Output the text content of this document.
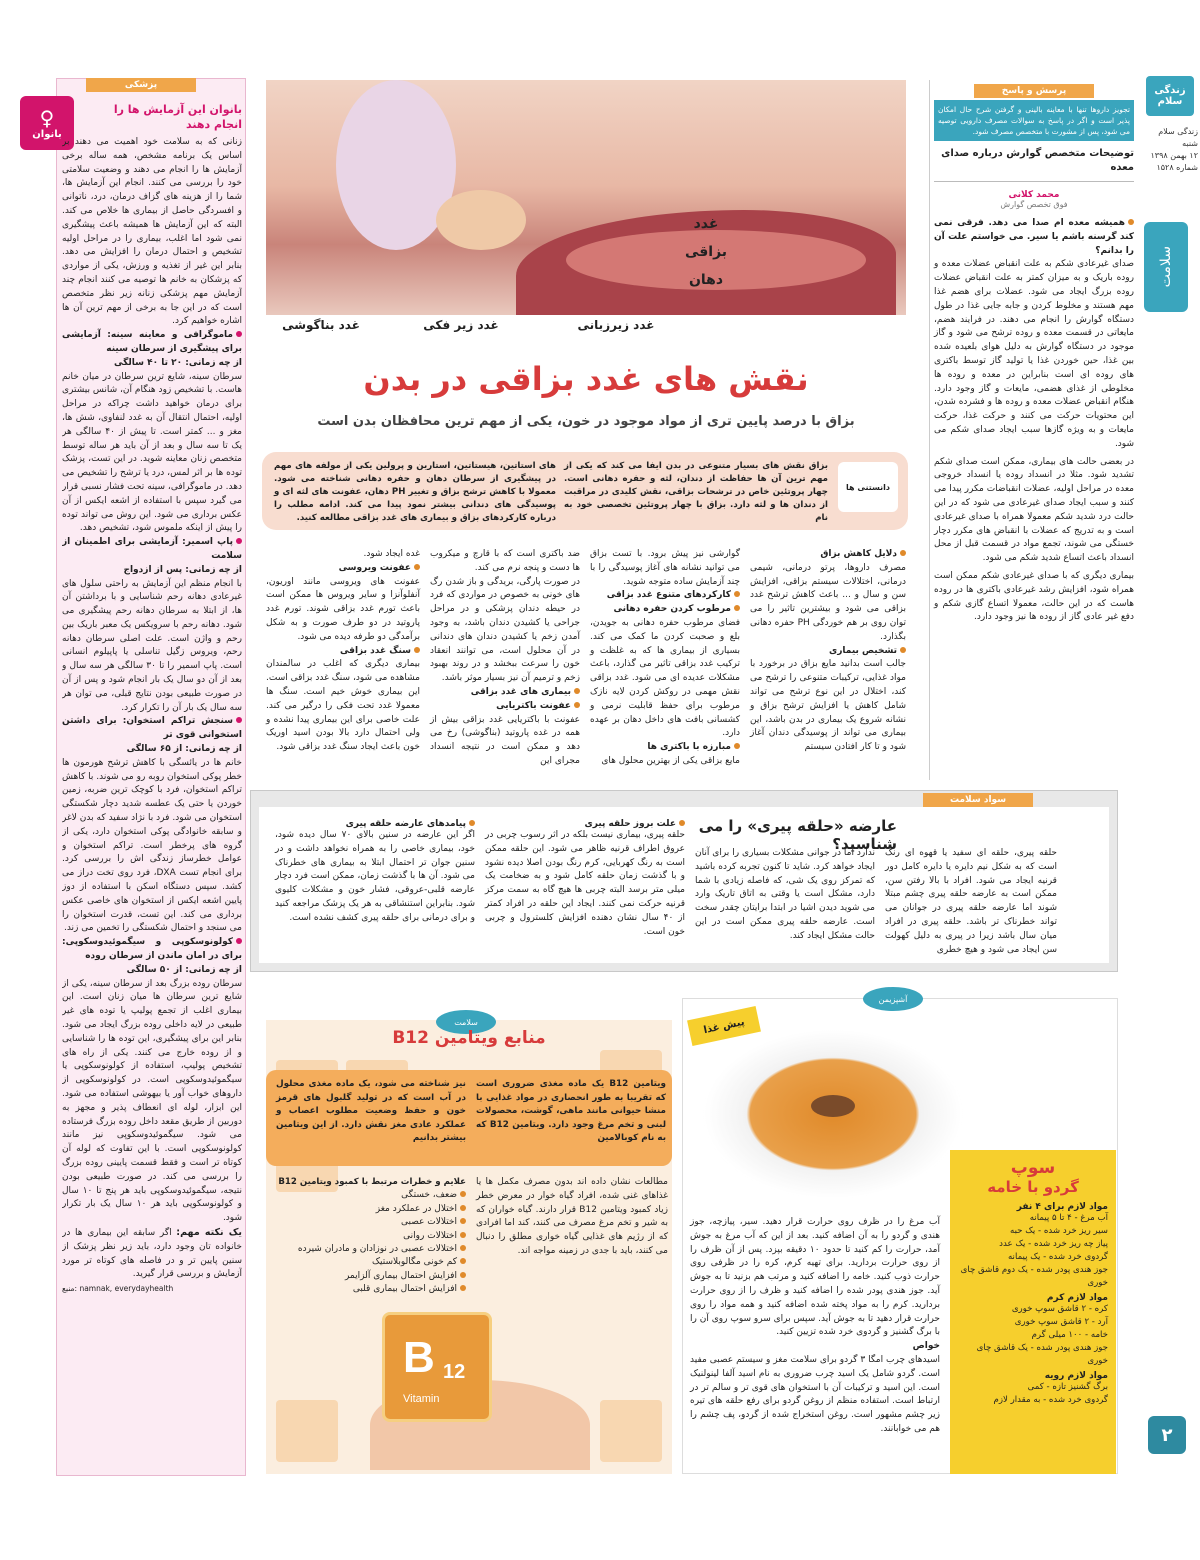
زندگی سلام
زندگی سلام
شنبه
۱۲ بهمن ۱۳۹۸
شماره ۱۵۲۸
سلامت
۲
پرسش و پاسخ
تجویز داروها تنها با معاینه بالینی و گرفتن شرح حال امکان پذیر است و اگر در پاسخ به سوالات مصرف دارویی توصیه می شود، پس از مشورت با متخصص مصرف شود.
توضیحات متخصص گوارش درباره صدای معده
محمد کلانی
فوق تخصص گوارش

همیشه معده ام صدا می دهد. فرقی نمی کند گرسنه باشم یا سیر. می خواستم علت آن را بدانم؟

صدای غیرعادی شکم به علت انقباض عضلات معده و روده باریک و به میزان کمتر به علت انقباض عضلات روده بزرگ ایجاد می شود. عضلات برای هضم غذا مهم هستند و مخلوط کردن و جابه جایی غذا در طول دستگاه گوارش را انجام می دهند. در فرایند هضم، مایعاتی در قسمت معده و روده ترشح می شود و گاز موجود در دستگاه گوارش به دلیل هوای بلعیده شده بین غذا، حین خوردن غذا یا تولید گاز توسط باکتری های روده ای است بنابراین در معده و روده ها مخلوطی از غذای هضمی، مایعات و گاز وجود دارد. هنگام انقباض عضلات معده و روده ها و فشرده شدن، این محتویات حرکت می کنند و حرکت غذا، حرکت مایعات و به ویژه گازها سبب ایجاد صدای شکم می شود.

در بعضی حالت های بیماری، ممکن است صدای شکم تشدید شود. مثلا در انسداد روده یا انسداد خروجی معده در مراحل اولیه، عضلات انقباضات مکرر پیدا می کنند و سبب ایجاد صدای غیرعادی می شود که در این حالت درد شدید شکم معمولا همراه با صدای غیرعادی است و به تدریج که عضلات با انقباض های مکرر دچار خستگی می شوند، تجمع مواد در قسمت قبل از محل انسداد باعث اتساع شدید شکم می شود.

بیماری دیگری که با صدای غیرعادی شکم ممکن است همراه شود، افزایش رشد غیرعادی باکتری ها در روده هاست که در این حالت، معمولا اتساع گازی شکم و دفع غیر عادی گاز از روده ها نیز وجود دارد.

غدد بزاقی دهان
غدد زیرزبانی
غدد زیر فکی
غدد بناگوشی
نقش های غدد بزاقی در بدن
بزاق با درصد پایین تری از مواد موجود در خون، یکی از مهم ترین محافظان بدن است
دانستنی ها

بزاق نقش های بسیار متنوعی در بدن ایفا می کند که یکی از مهم ترین آن ها حفاظت از دندان، لثه و حفره دهانی است. چهار پروتئین خاص در ترشحات بزاقی، نقش کلیدی در مراقبت از دندان ها و لثه دارد. بزاق با چهار پروتئین تخصصی خود به نام

های استاتین، هیستاتین، استارین و پرولین یکی از مولفه های مهم در پیشگیری از سرطان دهان و حفره دهانی شناخته می شود. معمولا با کاهش ترشح بزاق و تغییر PH دهان، عفونت های لثه ای و پوسیدگی های دندانی بیشتر نمود پیدا می کند. ادامه مطلب را درباره کارکردهای بزاق و بیماری های غدد بزاقی مطالعه کنید.

دلایل کاهش بزاق

مصرف داروها، پرتو درمانی، شیمی درمانی، اختلالات سیستم بزاقی، افزایش سن و سال و ... باعث کاهش ترشح غدد بزاقی می شود و بیشترین تاثیر را می توان روی بر هم خوردگی PH حفره دهانی بگذارد.

تشخیص بیماری

جالب است بدانید مایع بزاق در برخورد با مواد غذایی، ترکیبات متنوعی را ترشح می کند، اختلال در این نوع ترشح می تواند شامل کاهش یا افزایش ترشح بزاق و نشانه شروع یک بیماری در بدن باشد، این بیماری می تواند از پوسیدگی دندان آغاز شود و تا کار افتادن سیستم

گوارشی نیز پیش برود. با تست بزاق می توانید نشانه های آغاز پوسیدگی را با چند آزمایش ساده متوجه شوید.

کارکردهای متنوع غدد بزاقی

مرطوب کردن حفره دهانی

فضای مرطوب حفره دهانی به جویدن، بلع و صحبت کردن ما کمک می کند. بسیاری از بیماری ها که به غلظت و ترکیب غدد بزاقی تاثیر می گذارد، باعث مشکلات عدیده ای می شود. غدد بزاقی نقش مهمی در روکش کردن لایه نازک مرطوب برای حفظ قابلیت نرمی و کشسانی بافت های داخل دهان بر عهده دارد.

مبارزه با باکتری ها

مایع بزاقی یکی از بهترین محلول های

ضد باکتری است که با قارچ و میکروب ها دست و پنجه نرم می کند.

در صورت پارگی، بریدگی و باز شدن رگ های خونی به خصوص در مواردی که فرد در حیطه دندان پزشکی و در مراحل جراحی یا کشیدن دندان باشد، به وجود آمدن زخم یا کشیدن دندان های دندانی در آن محلول است، می توانند انعقاد خون را سرعت ببخشد و در روند بهبود زخم و ترمیم آن نیز بسیار موثر باشد.

بیماری های غدد بزاقی

عفونت باکتریایی

عفونت با باکتریایی غدد بزاقی بیش از همه در غده پاروتید (بناگوشی) رخ می دهد و ممکن است در نتیجه انسداد مجرای این

غده ایجاد شود.

عفونت ویروسی

عفونت های ویروسی مانند اوریون، آنفلوآنزا و سایر ویروس ها ممکن است باعث تورم غدد بزاقی شوند. تورم غدد پاروتید در دو طرف صورت و به شکل برآمدگی دو طرفه دیده می شود.

سنگ غدد بزاقی

بیماری دیگری که اغلب در سالمندان مشاهده می شود، سنگ غدد بزاقی است. این بیماری خوش خیم است. سنگ ها معمولا غدد تحت فکی را درگیر می کند. علت خاصی برای این بیماری پیدا نشده و ولی احتمال دارد بالا بودن اسید اوریک خون باعث ایجاد سنگ غدد بزاقی شود.

پزشکی
♀
بانوان
بانوان این آزمایش ها را انجام دهند

زنانی که به سلامت خود اهمیت می دهند بر اساس یک برنامه مشخص، همه ساله برخی آزمایش ها را انجام می دهند و وضعیت سلامتی خود را بررسی می کنند. انجام این آزمایش ها، شما را از هزینه های گزاف درمان، درد، ناتوانی و افسردگی حاصل از بیماری ها خلاص می کند. البته که این آزمایش ها همیشه باعث پیشگیری نمی شود اما اغلب، بیماری را در مراحل اولیه تشخیص و احتمال درمان را افزایش می دهد. بنابر این غیر از تغذیه و ورزش، یکی از مواردی که پزشکان به خانم ها توصیه می کنند انجام چند آزمایش مهم پزشکی زنانه زیر نظر متخصص است که در این جا به برخی از مهم ترین آن ها اشاره خواهیم کرد.

ماموگرافی و معاینه سینه: آزمایشی برای پیشگیری از سرطان سینه

از چه زمانی: ۲۰ تا ۴۰ سالگی

سرطان سینه، شایع ترین سرطان در میان خانم هاست. با تشخیص زود هنگام آن، شانس بیشتری برای درمان خواهید داشت چراکه در مراحل اولیه، احتمال انتقال آن به غدد لنفاوی، شش ها، مغز و ... کمتر است. تا پیش از ۴۰ سالگی هر یک تا سه سال و بعد از آن باید هر ساله توسط متخصص زنان معاینه شوید. در این تست، پزشک توده ها بر اثر لمس، درد یا ترشح را تشخیص می دهد. در ماموگرافی، سینه تحت فشار نسبی قرار می گیرد سپس با استفاده از اشعه ایکس از آن عکس برداری می شود. این روش می تواند توده را پیش از اینکه ملموس شود، تشخیص دهد.

پاپ اسمیر: آزمایشی برای اطمینان از سلامت

از چه زمانی: پس از ازدواج

با انجام منظم این آزمایش به راحتی سلول های غیرعادی دهانه رحم شناسایی و با برداشتن آن ها، از ابتلا به سرطان دهانه رحم پیشگیری می شود. دهانه رحم با سرویکس یک معبر باریک بین رحم و واژن است. علت اصلی سرطان دهانه رحم، ویروس زگیل تناسلی یا پاپیلوم انسانی است. پاپ اسمیر را تا ۳۰ سالگی هر سه سال و بعد از آن دو سال یک بار انجام شود و پس از آن در صورت طبیعی بودن نتایج قبلی، می توان هر سه سال یک بار آن را تکرار کرد.

سنجش تراکم استخوان: برای داشتن استخوانی قوی تر

از چه زمانی: از ۶۵ سالگی

خانم ها در یائسگی با کاهش ترشح هورمون ها خطر پوکی استخوان روبه رو می شوند. با کاهش تراکم استخوان، فرد با کوچک ترین ضربه، زمین خوردن یا حتی یک عطسه شدید دچار شکستگی استخوان می شود. فرد با نژاد سفید که بدن لاغر و سابقه خانوادگی پوکی استخوان دارد، یکی از گروه های پرخطر است. تراکم استخوان و عوامل خطرساز زندگی اش را بررسی کرد. برای انجام تست DXA، فرد روی تخت دراز می کشد. سپس دستگاه اسکن با استفاده از دوز پایین اشعه ایکس از استخوان های خاصی عکس برداری می کند. این تست، قدرت استخوان را می سنجد و احتمال شکستگی را تخمین می زند.

کولونوسکوپی و سیگموئیدوسکوپی: برای در امان ماندن از سرطان روده

از چه زمانی: از ۵۰ سالگی

سرطان روده بزرگ بعد از سرطان سینه، یکی از شایع ترین سرطان ها میان زنان است. این بیماری اغلب از تجمع پولیپ یا توده های غیر طبیعی در لایه داخلی روده بزرگ ایجاد می شود. بنابر این برای پیشگیری، این توده ها را شناسایی و از روده خارج می کنند. یکی از راه های تشخیص پولیپ، استفاده از کولونوسکوپی یا سیگموئیدوسکوپی است. در کولونوسکوپی از داروهای خواب آور یا بیهوشی استفاده می شود. این ابزار، لوله ای انعطاف پذیر و مجهز به دوربین از طریق مقعد داخل روده بزرگ فرستاده می شود. سیگموئیدوسکوپی نیز مانند کولونوسکوپی است. با این تفاوت که لوله آن کوتاه تر است و فقط قسمت پایینی روده بزرگ را بررسی می کند. در صورت طبیعی بودن نتیجه، سیگموئیدوسکوپی باید هر پنج تا ۱۰ سال و کولونوسکوپی باید هر ۱۰ سال یک بار تکرار شود.

یک نکته مهم: اگر سابقه این بیماری ها در خانواده تان وجود دارد، باید زیر نظر پزشک از سنین پایین تر و در فاصله های کوتاه تر مورد آزمایش و بررسی قرار گیرید.

منبع: namnak, everydayhealth

سواد سلامت
عارضه «حلقه پیری» را می شناسید؟

حلقه پیری، حلقه ای سفید یا قهوه ای رنگ است که به شکل نیم دایره یا دایره کامل دور قرنیه ایجاد می شود. افراد با بالا رفتن سن، ممکن است به عارضه حلقه پیری چشم مبتلا شوند اما عارضه حلقه پیری در جوانان می تواند خطرناک تر باشد. حلقه پیری در افراد میان سال باشد زیرا در پیری به دلیل کهولت سن ایجاد می شود و هیچ خطری

ندارد اما در جوانی مشکلات بسیاری را برای آنان ایجاد خواهد کرد. شاید تا کنون تجربه کرده باشید که تمرکز روی یک شی، که فاصله زیادی با شما دارد، مشکل است یا وقتی به اتاق تاریک وارد می شوید دیدن اشیا در ابتدا برایتان چقدر سخت است. عارضه حلقه پیری ممکن است در این حالت مشکل ایجاد کند.

علت بروز حلقه پیری

حلقه پیری، بیماری نیست بلکه در اثر رسوب چربی در عروق اطراف قرنیه ظاهر می شود. این حلقه ممکن است به رنگ کهربایی، کرم رنگ بودن اصلا دیده نشود و با گذشت زمان حلقه کامل شود و به ضخامت یک میلی متر برسد البته چربی ها هیچ گاه به سمت مرکز قرنیه حرکت نمی کنند. ایجاد این حلقه در افراد کمتر از ۴۰ سال نشان دهنده افزایش کلسترول و چربی خون است.

پیامدهای عارضه حلقه پیری

اگر این عارضه در سنین بالای ۷۰ سال دیده شود، خود، بیماری خاصی را به همراه نخواهد داشت و در سنین جوان تر احتمال ابتلا به بیماری های خطرناک می شود. آن ها با گذشت زمان، ممکن است فرد دچار عارضه قلبی-عروقی، فشار خون و مشکلات کلیوی شود. بنابراین استنشاقی به هر یک پزشک مراجعه کنید و برای درمانی برای حلقه پیری کشف نشده است.

آشپزیمن
پیش غذا
سوپ
گردو با خامه
مواد لازم برای ۴ نفر
آب مرغ - ۴ تا ۵ پیمانه
سیر ریز خرد شده - یک حبه
پیاز چه ریز خرد شده - یک عدد
گردوی خرد شده - یک پیمانه
جوز هندی پودر شده - یک دوم قاشق چای خوری
مواد لازم کرم
کره - ۲ قاشق سوپ خوری
آرد - ۲ قاشق سوپ خوری
خامه - ۱۰۰ میلی گرم
جوز هندی پودر شده - یک قاشق چای خوری
مواد لازم رویه
برگ گشنیز تازه - کمی
گردوی خرد شده - به مقدار لازم

آب مرغ را در ظرف روی حرارت قرار دهید. سیر، پیازچه، جوز هندی و گردو را به آن اضافه کنید. بعد از این که آب مرغ به جوش آمد، حرارت را کم کنید تا حدود ۱۰ دقیقه بپزد. پس از آن ظرف را از روی حرارت بردارید. برای تهیه کرم، کره را در ظرفی روی حرارت ذوب کنید. خامه را اضافه کنید و مرتب هم بزنید تا به جوش آید. جوز هندی پودر شده را اضافه کنید و ظرف را از روی حرارت بردارید. کرم را به مواد پخته شده اضافه کنید و همه مواد را روی حرارت قرار دهید تا به جوش آید. سپس برای سرو سوپ روی آن را با برگ گشنیز و گردوی خرد شده تزیین کنید.

خواص

اسیدهای چرب امگا ۳ گردو برای سلامت مغز و سیستم عصبی مفید است. گردو شامل یک اسید چرب ضروری به نام اسید آلفا لینولنیک است. این اسید و ترکیبات آن با استخوان های قوی تر و سالم تر در ارتباط است. استفاده منظم از روغن گردو برای رفع حلقه های تیره زیر چشم مشهور است. روغن استخراج شده از گردو، پف چشم را هم می خوابانند.

سلامت
منابع ویتامین B12

ویتامین B12 یک ماده مغذی ضروری است که تقریبا به طور انحصاری در مواد غذایی با منشا حیوانی مانند ماهی، گوشت، محصولات لبنی و تخم مرغ وجود دارد. ویتامین B12 که به نام کوبالامین

نیز شناخته می شود، یک ماده مغذی محلول در آب است که در تولید گلبول های قرمز خون و حفظ وضعیت مطلوب اعصاب و عملکرد عادی مغز نقش دارد. از این ویتامین بیشتر بدانیم

مطالعات نشان داده اند بدون مصرف مکمل ها یا غذاهای غنی شده، افراد گیاه خوار در معرض خطر زیاد کمبود ویتامین B12 قرار دارند. گیاه خواران که به شیر و تخم مرغ مصرف می کنند، کند اما افرادی که از رژیم های غذایی گیاه خواری مطلق را دنبال می کنند، باید با جدی در زمینه مواجه اند.

علایم و خطرات مرتبط با کمبود ویتامین B12
ضعف، خستگی
اختلال در عملکرد مغز
اختلالات عصبی
اختلالات روانی
اختلالات عصبی در نوزادان و مادران شیرده
کم خونی مگالوبلاستیک
افزایش احتمال بیماری آلزایمر
افزایش احتمال بیماری قلبی
B 12
Vitamin
